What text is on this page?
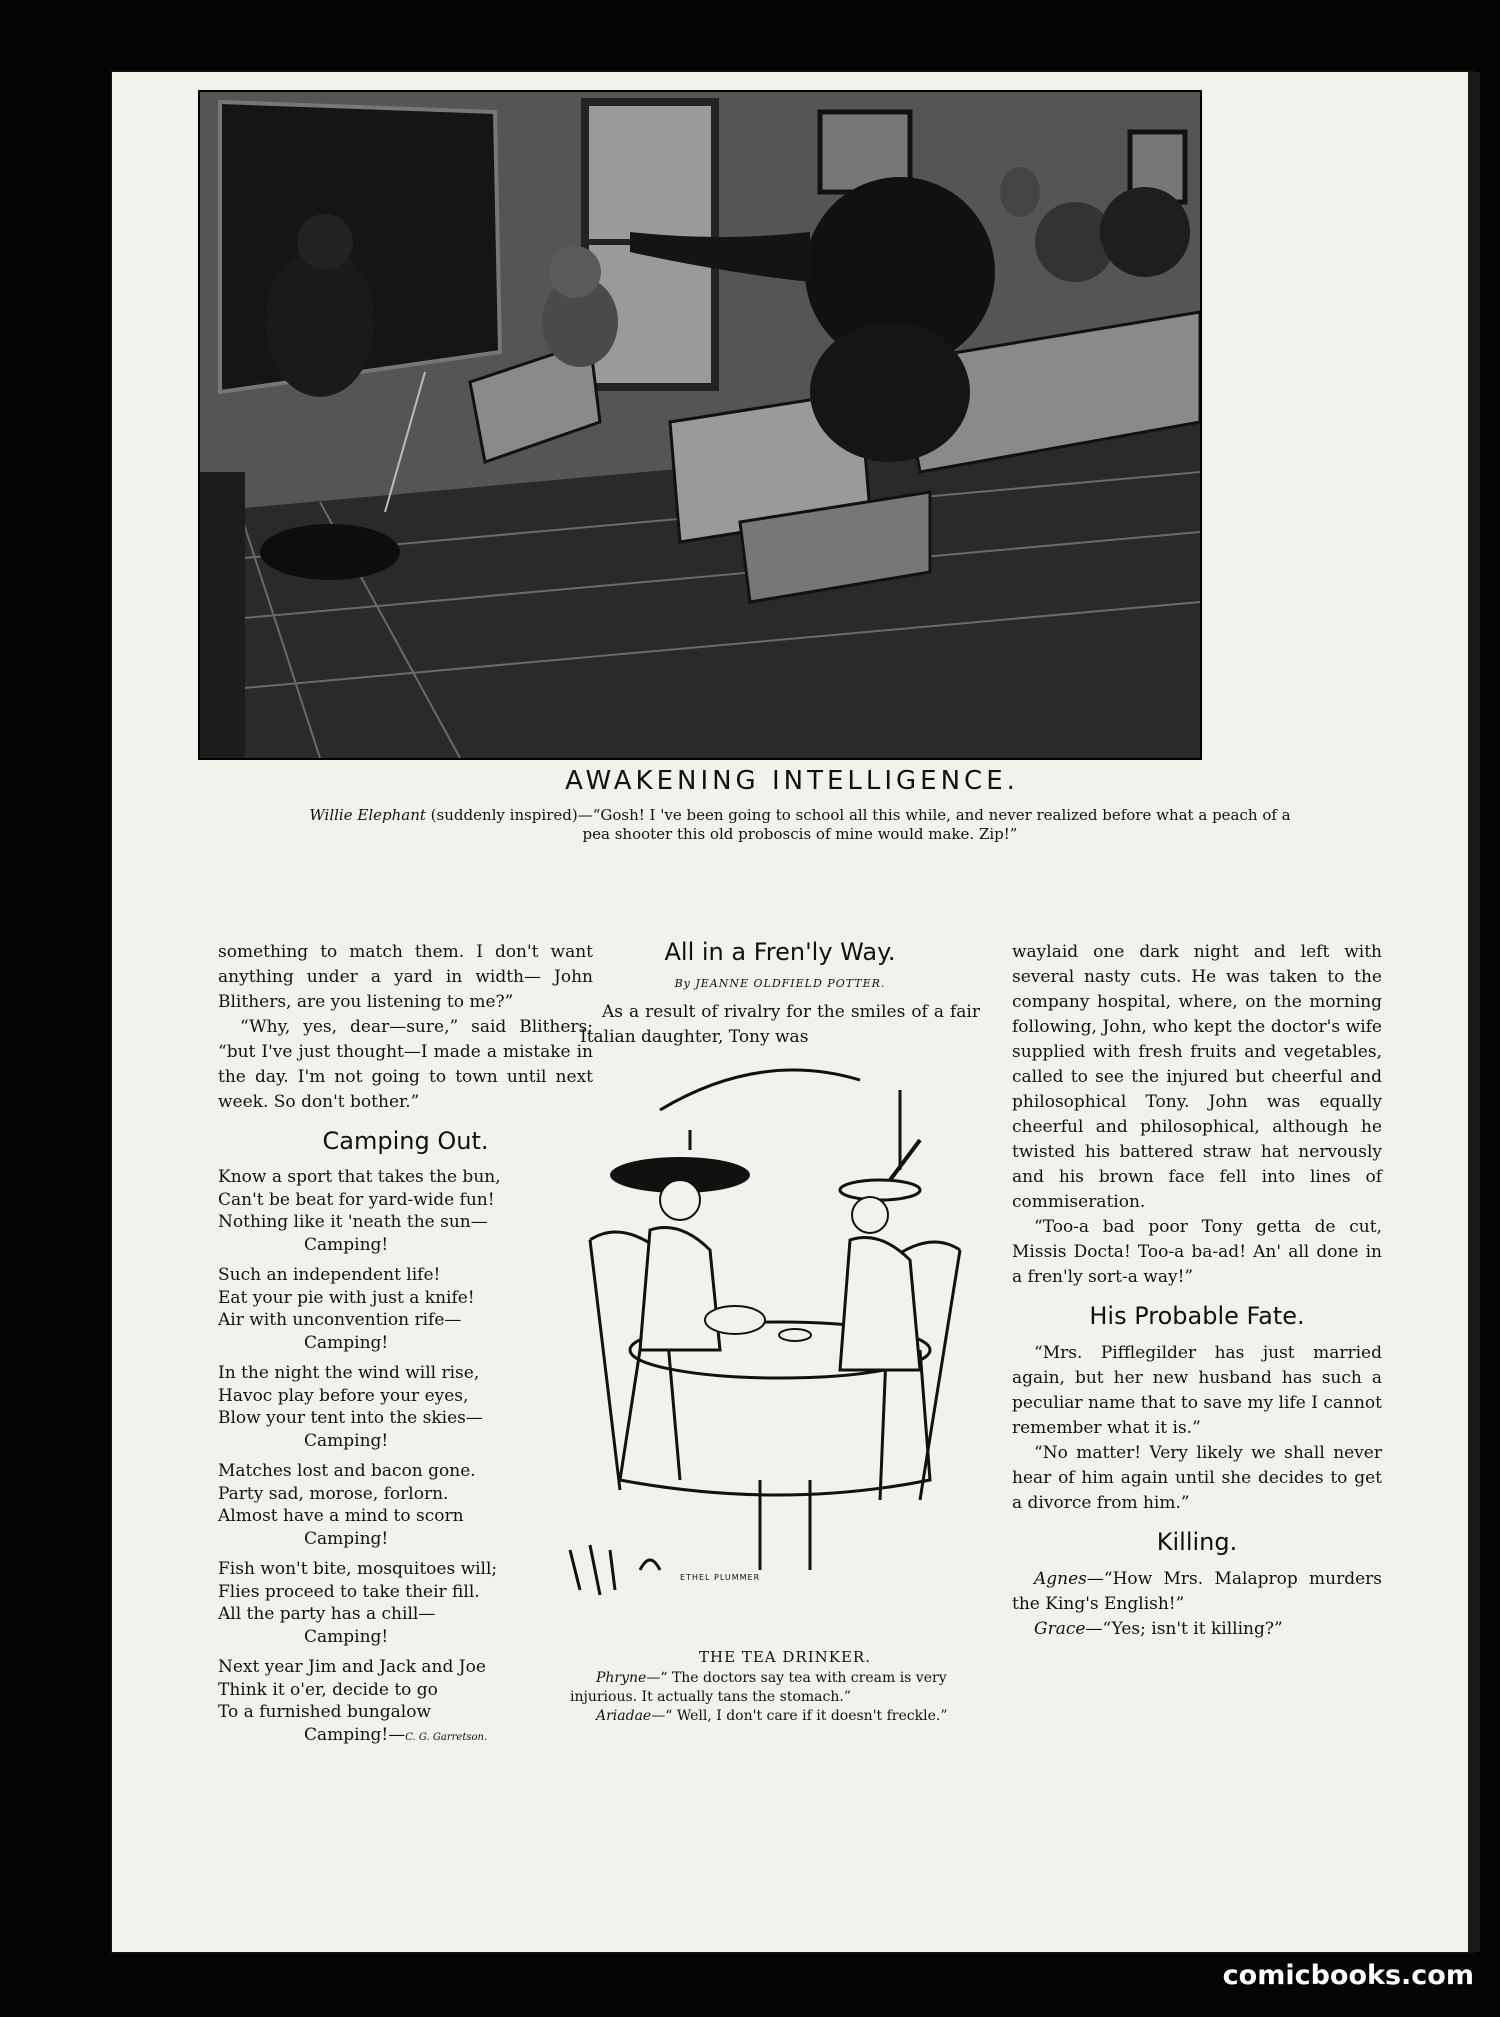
AWAKENING INTELLIGENCE.
Willie Elephant (suddenly inspired)—“Gosh! I 've been going to school all this while, and never realized before what a peach of a pea shooter this old proboscis of mine would make. Zip!”

something to match them. I don't want anything under a yard in width— John Blithers, are you listening to me?”

“Why, yes, dear—sure,” said Blithers; “but I've just thought—I made a mistake in the day. I'm not going to town until next week. So don't bother.”

Camping Out.
Know a sport that takes the bun,
Can't be beat for yard-wide fun!
Nothing like it 'neath the sun—
Camping!
Such an independent life!
Eat your pie with just a knife!
Air with unconvention rife—
Camping!
In the night the wind will rise,
Havoc play before your eyes,
Blow your tent into the skies—
Camping!
Matches lost and bacon gone.
Party sad, morose, forlorn.
Almost have a mind to scorn
Camping!
Fish won't bite, mosquitoes will;
Flies proceed to take their fill.
All the party has a chill—
Camping!
Next year Jim and Jack and Joe
Think it o'er, decide to go
To a furnished bungalow
Camping!—C. G. Garretson.
All in a Fren'ly Way.
By JEANNE OLDFIELD POTTER.

As a result of rivalry for the smiles of a fair Italian daughter, Tony was

ETHEL PLUMMER
THE TEA DRINKER.

Phryne—“ The doctors say tea with cream is very injurious. It actually tans the stomach.”

Ariadae—“ Well, I don't care if it doesn't freckle.”

waylaid one dark night and left with several nasty cuts. He was taken to the company hospital, where, on the morning following, John, who kept the doctor's wife supplied with fresh fruits and vegetables, called to see the injured but cheerful and philosophical Tony. John was equally cheerful and philosophical, although he twisted his battered straw hat nervously and his brown face fell into lines of commiseration.

“Too-a bad poor Tony getta de cut, Missis Docta! Too-a ba-ad! An' all done in a fren'ly sort-a way!”

His Probable Fate.

“Mrs. Pifflegilder has just married again, but her new husband has such a peculiar name that to save my life I cannot remember what it is.”

“No matter! Very likely we shall never hear of him again until she decides to get a divorce from him.”

Killing.

Agnes—“How Mrs. Malaprop murders the King's English!”

Grace—“Yes; isn't it killing?”

comicbooks.com
